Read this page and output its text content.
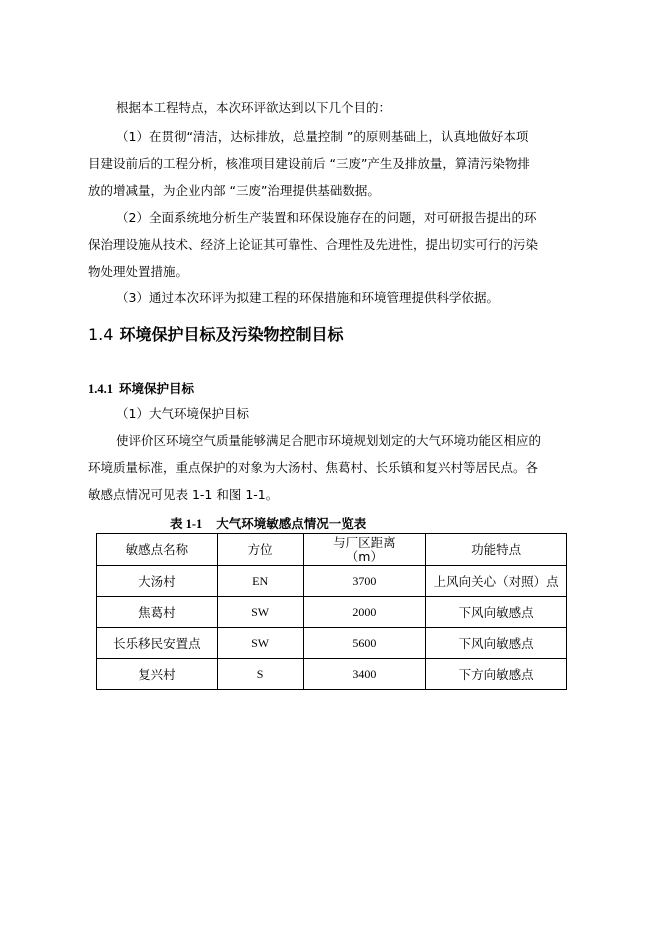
根据本工程特点，本次环评欲达到以下几个目的：

（1）在贯彻“清洁，达标排放，总量控制 ”的原则基础上，认真地做好本项

目建设前后的工程分析，核准项目建设前后 “三废”产生及排放量，算清污染物排

放的增减量，为企业内部 “三废”治理提供基础数据。

（2）全面系统地分析生产装置和环保设施存在的问题，对可研报告提出的环

保治理设施从技术、经济上论证其可靠性、合理性及先进性，提出切实可行的污染

物处理处置措施。

（3）通过本次环评为拟建工程的环保措施和环境管理提供科学依据。

1.4 环境保护目标及污染物控制目标
1.4.1 环境保护目标

（1）大气环境保护目标

使评价区环境空气质量能够满足合肥市环境规划划定的大气环境功能区相应的

环境质量标准，重点保护的对象为大汤村、焦葛村、长乐镇和复兴村等居民点。各

敏感点情况可见表 1-1 和图 1-1。

表 1-1 大气环境敏感点情况一览表

敏感点名称	方位	与厂区距离
（m）	功能特点
大汤村	EN	3700	上风向关心（对照）点
焦葛村	SW	2000	下风向敏感点
长乐移民安置点	SW	5600	下风向敏感点
复兴村	S	3400	下方向敏感点
